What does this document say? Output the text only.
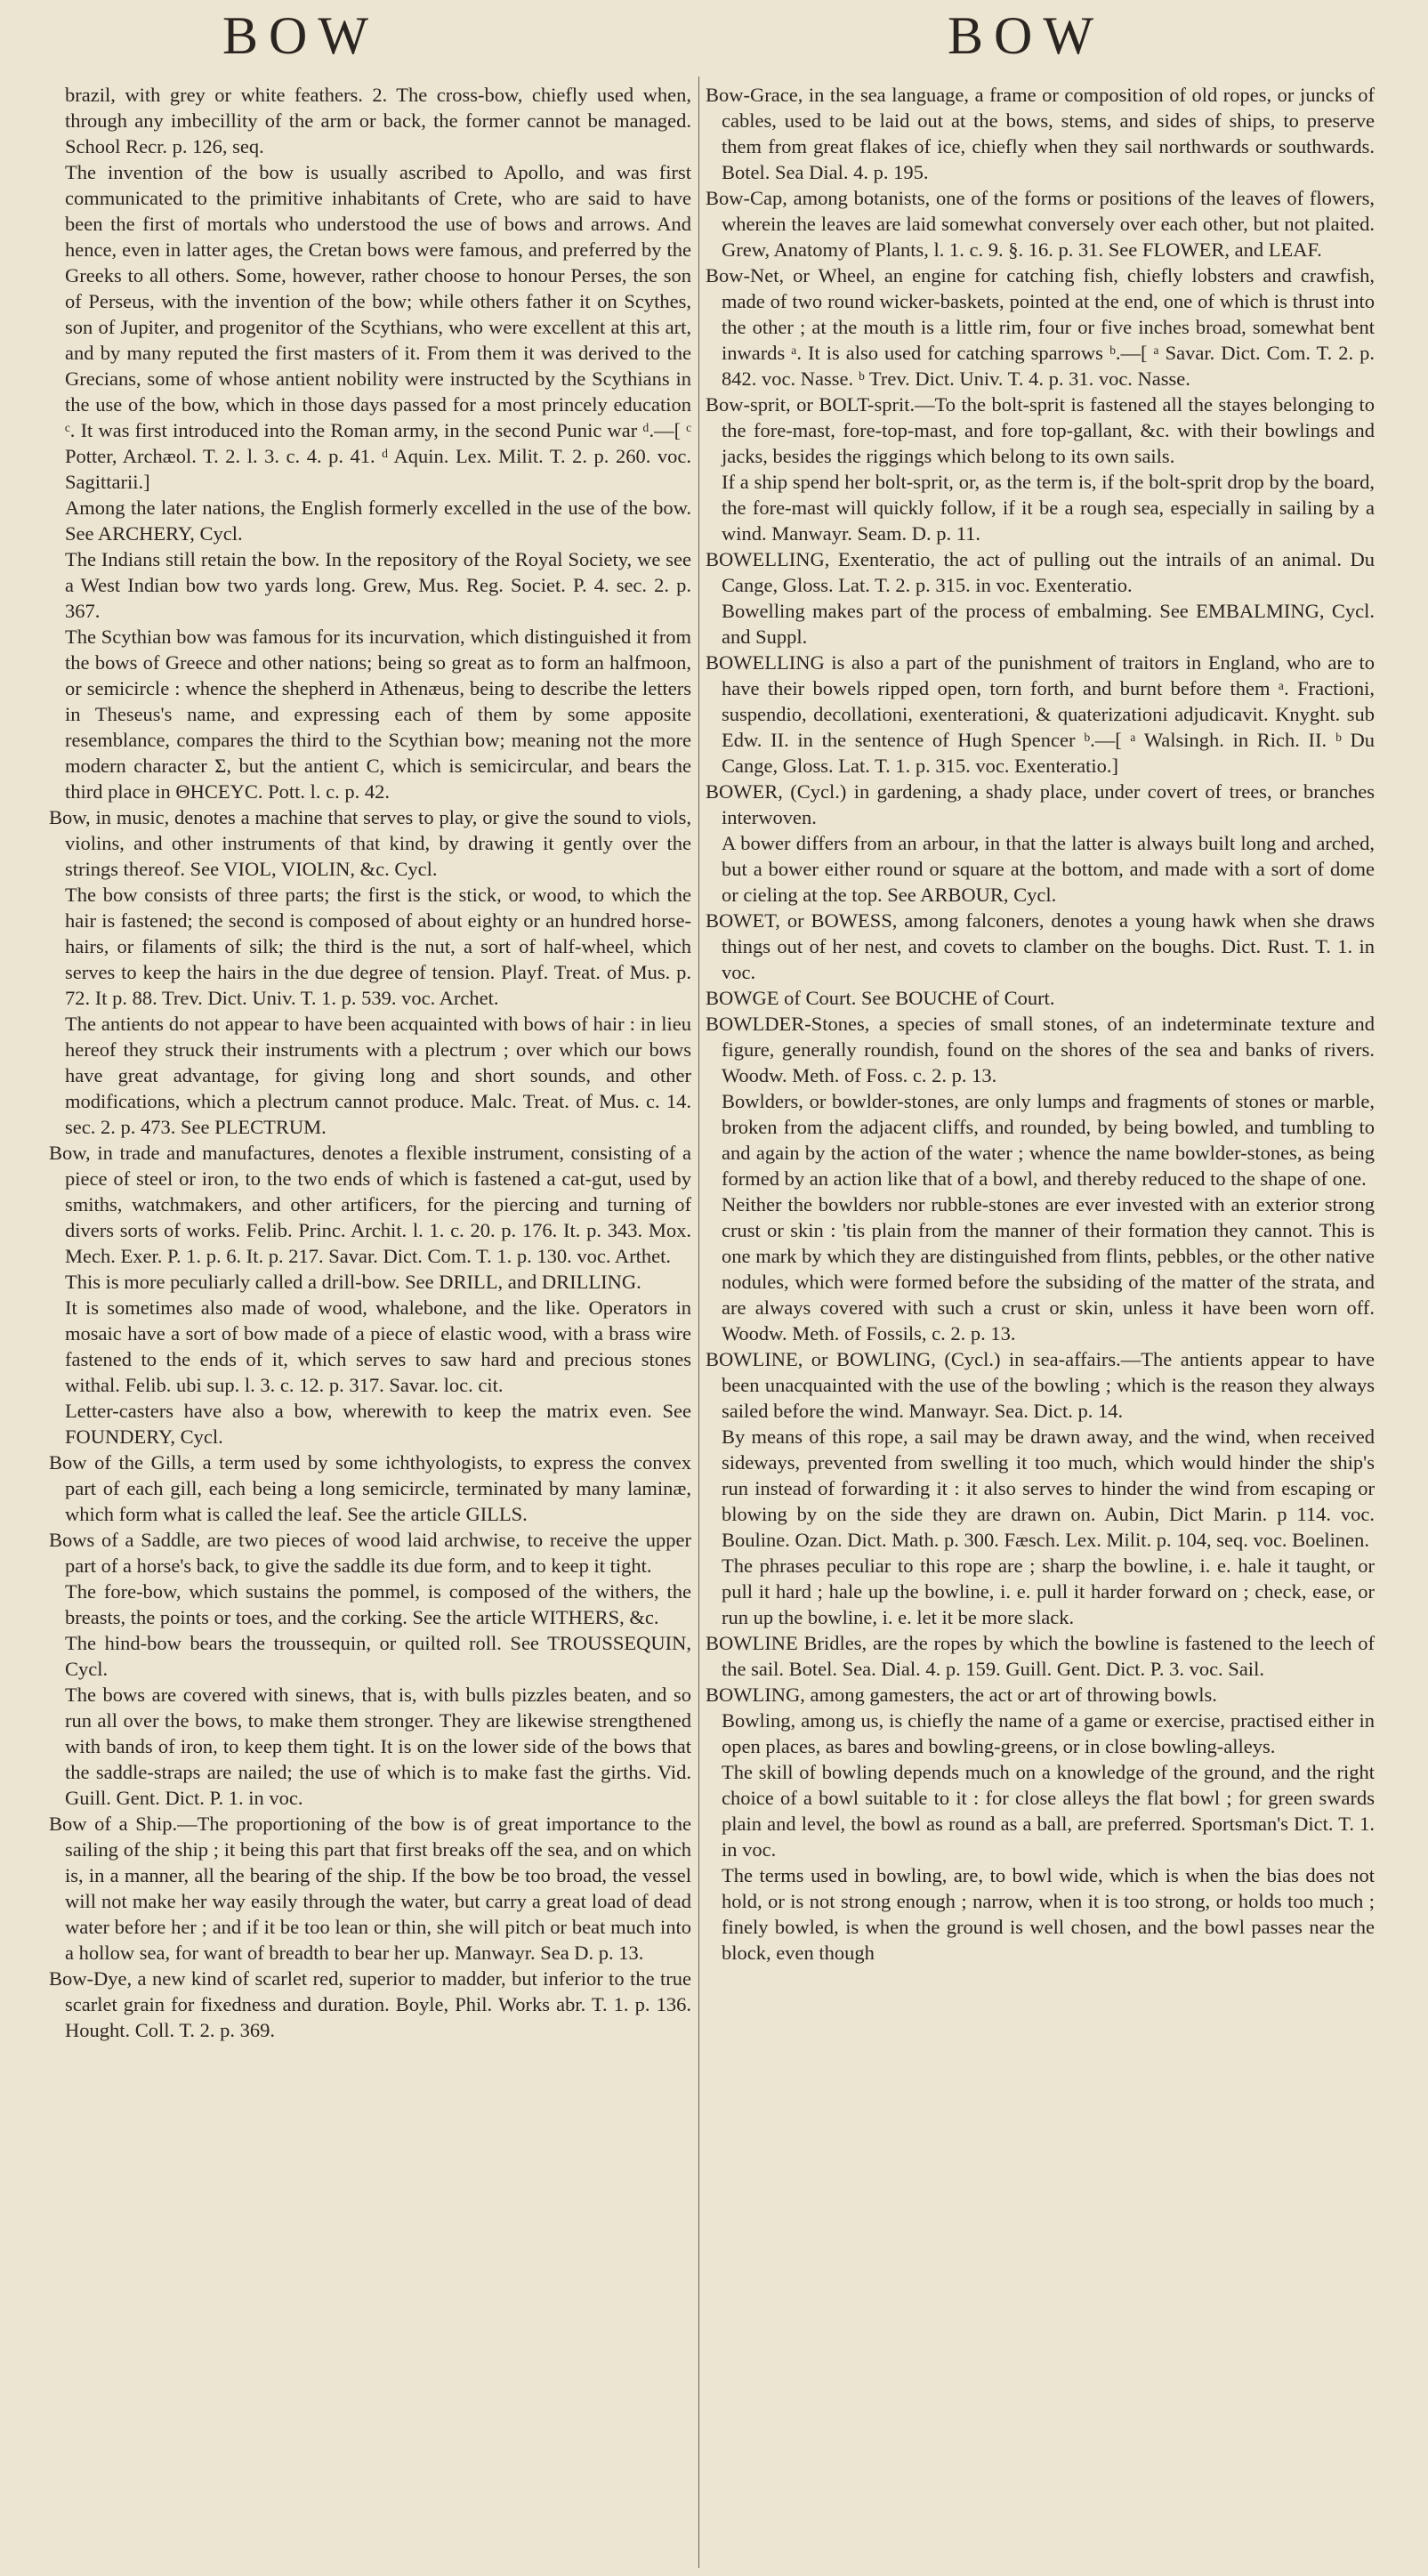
BOW	BOW

brazil, with grey or white feathers. 2. The cross-bow, chiefly used when, through any imbecillity of the arm or back, the former cannot be managed. School Recr. p. 126, seq.

The invention of the bow is usually ascribed to Apollo, and was first communicated to the primitive inhabitants of Crete, who are said to have been the first of mortals who understood the use of bows and arrows. And hence, even in latter ages, the Cretan bows were famous, and preferred by the Greeks to all others. Some, however, rather choose to honour Perses, the son of Perseus, with the invention of the bow; while others father it on Scythes, son of Jupiter, and progenitor of the Scythians, who were excellent at this art, and by many reputed the first masters of it. From them it was derived to the Grecians, some of whose antient nobility were instructed by the Scythians in the use of the bow, which in those days passed for a most princely education ᶜ. It was first introduced into the Roman army, in the second Punic war ᵈ.—[ ᶜ Potter, Archæol. T. 2. l. 3. c. 4. p. 41. ᵈ Aquin. Lex. Milit. T. 2. p. 260. voc. Sagittarii.]

Among the later nations, the English formerly excelled in the use of the bow. See ARCHERY, Cycl.

The Indians still retain the bow. In the repository of the Royal Society, we see a West Indian bow two yards long. Grew, Mus. Reg. Societ. P. 4. sec. 2. p. 367.

The Scythian bow was famous for its incurvation, which distinguished it from the bows of Greece and other nations; being so great as to form an halfmoon, or semicircle : whence the shepherd in Athenæus, being to describe the letters in Theseus's name, and expressing each of them by some apposite resemblance, compares the third to the Scythian bow; meaning not the more modern character Σ, but the antient C, which is semicircular, and bears the third place in ΘΗCΕΥC. Pott. l. c. p. 42.

Bow, in music, denotes a machine that serves to play, or give the sound to viols, violins, and other instruments of that kind, by drawing it gently over the strings thereof. See VIOL, VIOLIN, &c. Cycl.

The bow consists of three parts; the first is the stick, or wood, to which the hair is fastened; the second is composed of about eighty or an hundred horse-hairs, or filaments of silk; the third is the nut, a sort of half-wheel, which serves to keep the hairs in the due degree of tension. Playf. Treat. of Mus. p. 72. It p. 88. Trev. Dict. Univ. T. 1. p. 539. voc. Archet.

The antients do not appear to have been acquainted with bows of hair : in lieu hereof they struck their instruments with a plectrum ; over which our bows have great advantage, for giving long and short sounds, and other modifications, which a plectrum cannot produce. Malc. Treat. of Mus. c. 14. sec. 2. p. 473. See PLECTRUM.

Bow, in trade and manufactures, denotes a flexible instrument, consisting of a piece of steel or iron, to the two ends of which is fastened a cat-gut, used by smiths, watchmakers, and other artificers, for the piercing and turning of divers sorts of works. Felib. Princ. Archit. l. 1. c. 20. p. 176. It. p. 343. Mox. Mech. Exer. P. 1. p. 6. It. p. 217. Savar. Dict. Com. T. 1. p. 130. voc. Arthet.

This is more peculiarly called a drill-bow. See DRILL, and DRILLING.

It is sometimes also made of wood, whalebone, and the like. Operators in mosaic have a sort of bow made of a piece of elastic wood, with a brass wire fastened to the ends of it, which serves to saw hard and precious stones withal. Felib. ubi sup. l. 3. c. 12. p. 317. Savar. loc. cit.

Letter-casters have also a bow, wherewith to keep the matrix even. See FOUNDERY, Cycl.

Bow of the Gills, a term used by some ichthyologists, to express the convex part of each gill, each being a long semicircle, terminated by many laminæ, which form what is called the leaf. See the article GILLS.

Bows of a Saddle, are two pieces of wood laid archwise, to receive the upper part of a horse's back, to give the saddle its due form, and to keep it tight.

The fore-bow, which sustains the pommel, is composed of the withers, the breasts, the points or toes, and the corking. See the article WITHERS, &c.

The hind-bow bears the troussequin, or quilted roll. See TROUSSEQUIN, Cycl.

The bows are covered with sinews, that is, with bulls pizzles beaten, and so run all over the bows, to make them stronger. They are likewise strengthened with bands of iron, to keep them tight. It is on the lower side of the bows that the saddle-straps are nailed; the use of which is to make fast the girths. Vid. Guill. Gent. Dict. P. 1. in voc.

Bow of a Ship.—The proportioning of the bow is of great importance to the sailing of the ship ; it being this part that first breaks off the sea, and on which is, in a manner, all the bearing of the ship. If the bow be too broad, the vessel will not make her way easily through the water, but carry a great load of dead water before her ; and if it be too lean or thin, she will pitch or beat much into a hollow sea, for want of breadth to bear her up. Manwayr. Sea D. p. 13.

Bow-Dye, a new kind of scarlet red, superior to madder, but inferior to the true scarlet grain for fixedness and duration. Boyle, Phil. Works abr. T. 1. p. 136. Hought. Coll. T. 2. p. 369.

Bow-Grace, in the sea language, a frame or composition of old ropes, or juncks of cables, used to be laid out at the bows, stems, and sides of ships, to preserve them from great flakes of ice, chiefly when they sail northwards or southwards. Botel. Sea Dial. 4. p. 195.

Bow-Cap, among botanists, one of the forms or positions of the leaves of flowers, wherein the leaves are laid somewhat conversely over each other, but not plaited. Grew, Anatomy of Plants, l. 1. c. 9. §. 16. p. 31. See FLOWER, and LEAF.

Bow-Net, or Wheel, an engine for catching fish, chiefly lobsters and crawfish, made of two round wicker-baskets, pointed at the end, one of which is thrust into the other ; at the mouth is a little rim, four or five inches broad, somewhat bent inwards ᵃ. It is also used for catching sparrows ᵇ.—[ ᵃ Savar. Dict. Com. T. 2. p. 842. voc. Nasse. ᵇ Trev. Dict. Univ. T. 4. p. 31. voc. Nasse.

Bow-sprit, or BOLT-sprit.—To the bolt-sprit is fastened all the stayes belonging to the fore-mast, fore-top-mast, and fore top-gallant, &c. with their bowlings and jacks, besides the riggings which belong to its own sails.

If a ship spend her bolt-sprit, or, as the term is, if the bolt-sprit drop by the board, the fore-mast will quickly follow, if it be a rough sea, especially in sailing by a wind. Manwayr. Seam. D. p. 11.

BOWELLING, Exenteratio, the act of pulling out the intrails of an animal. Du Cange, Gloss. Lat. T. 2. p. 315. in voc. Exenteratio.

Bowelling makes part of the process of embalming. See EMBALMING, Cycl. and Suppl.

BOWELLING is also a part of the punishment of traitors in England, who are to have their bowels ripped open, torn forth, and burnt before them ᵃ. Fractioni, suspendio, decollationi, exenterationi, & quaterizationi adjudicavit. Knyght. sub Edw. II. in the sentence of Hugh Spencer ᵇ.—[ ᵃ Walsingh. in Rich. II. ᵇ Du Cange, Gloss. Lat. T. 1. p. 315. voc. Exenteratio.]

BOWER, (Cycl.) in gardening, a shady place, under covert of trees, or branches interwoven.

A bower differs from an arbour, in that the latter is always built long and arched, but a bower either round or square at the bottom, and made with a sort of dome or cieling at the top. See ARBOUR, Cycl.

BOWET, or BOWESS, among falconers, denotes a young hawk when she draws things out of her nest, and covets to clamber on the boughs. Dict. Rust. T. 1. in voc.

BOWGE of Court. See BOUCHE of Court.

BOWLDER-Stones, a species of small stones, of an indeterminate texture and figure, generally roundish, found on the shores of the sea and banks of rivers. Woodw. Meth. of Foss. c. 2. p. 13.

Bowlders, or bowlder-stones, are only lumps and fragments of stones or marble, broken from the adjacent cliffs, and rounded, by being bowled, and tumbling to and again by the action of the water ; whence the name bowlder-stones, as being formed by an action like that of a bowl, and thereby reduced to the shape of one.

Neither the bowlders nor rubble-stones are ever invested with an exterior strong crust or skin : 'tis plain from the manner of their formation they cannot. This is one mark by which they are distinguished from flints, pebbles, or the other native nodules, which were formed before the subsiding of the matter of the strata, and are always covered with such a crust or skin, unless it have been worn off. Woodw. Meth. of Fossils, c. 2. p. 13.

BOWLINE, or BOWLING, (Cycl.) in sea-affairs.—The antients appear to have been unacquainted with the use of the bowling ; which is the reason they always sailed before the wind. Manwayr. Sea. Dict. p. 14.

By means of this rope, a sail may be drawn away, and the wind, when received sideways, prevented from swelling it too much, which would hinder the ship's run instead of forwarding it : it also serves to hinder the wind from escaping or blowing by on the side they are drawn on. Aubin, Dict Marin. p 114. voc. Bouline. Ozan. Dict. Math. p. 300. Fæsch. Lex. Milit. p. 104, seq. voc. Boelinen.

The phrases peculiar to this rope are ; sharp the bowline, i. e. hale it taught, or pull it hard ; hale up the bowline, i. e. pull it harder forward on ; check, ease, or run up the bowline, i. e. let it be more slack.

BOWLINE Bridles, are the ropes by which the bowline is fastened to the leech of the sail. Botel. Sea. Dial. 4. p. 159. Guill. Gent. Dict. P. 3. voc. Sail.

BOWLING, among gamesters, the act or art of throwing bowls.

Bowling, among us, is chiefly the name of a game or exercise, practised either in open places, as bares and bowling-greens, or in close bowling-alleys.

The skill of bowling depends much on a knowledge of the ground, and the right choice of a bowl suitable to it : for close alleys the flat bowl ; for green swards plain and level, the bowl as round as a ball, are preferred. Sportsman's Dict. T. 1. in voc.

The terms used in bowling, are, to bowl wide, which is when the bias does not hold, or is not strong enough ; narrow, when it is too strong, or holds too much ; finely bowled, is when the ground is well chosen, and the bowl passes near the block, even though
